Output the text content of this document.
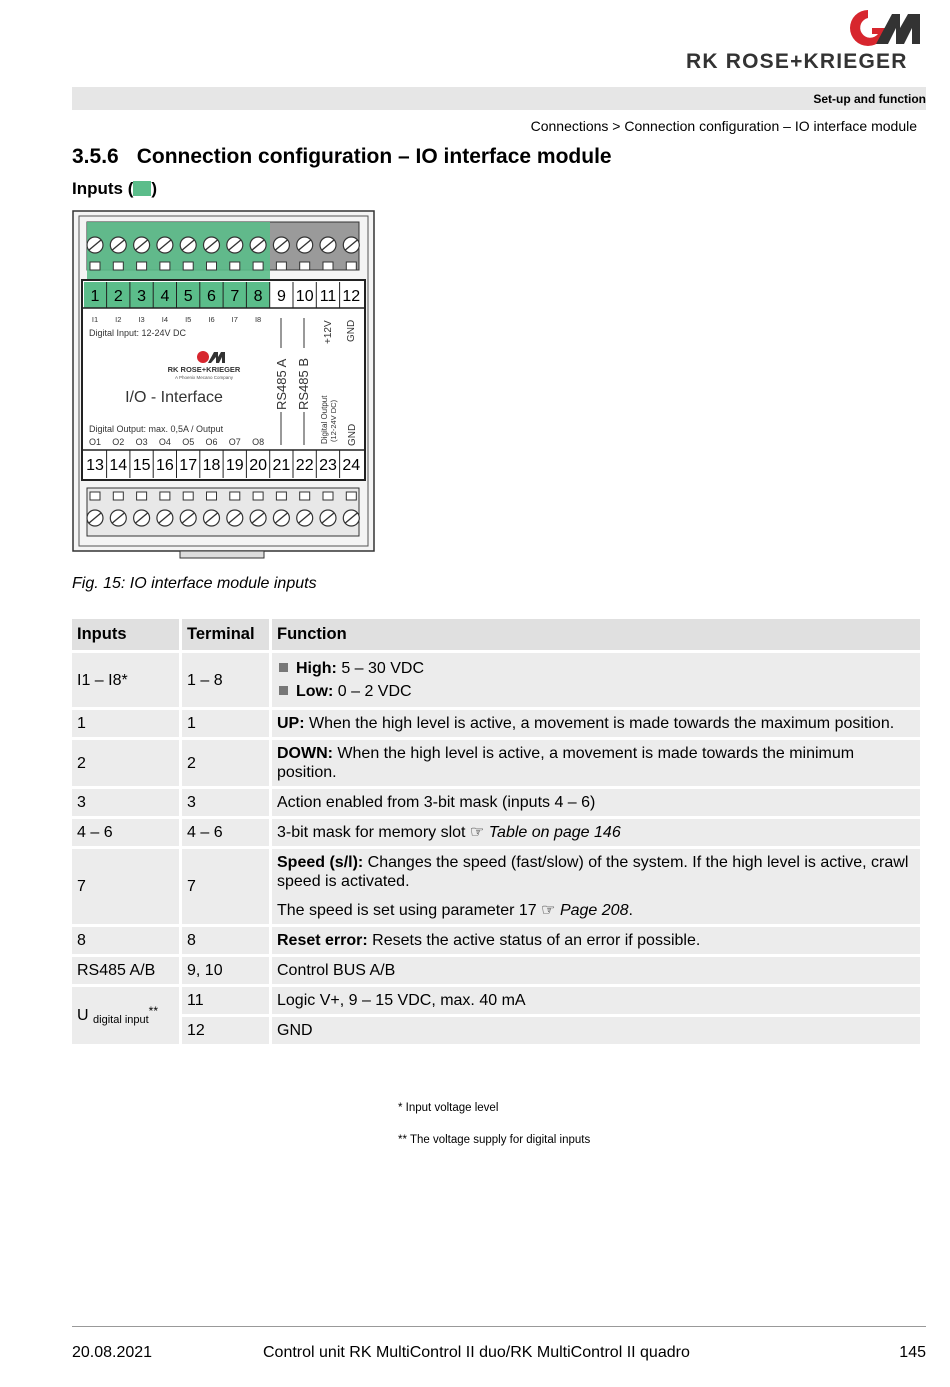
RK ROSE+KRIEGER
Set-up and function
Connections > Connection configuration – IO interface module
3.5.6 Connection configuration – IO interface module
Inputs ( )
1 2 3 4 5 6 7 8 9 10 11 12
13 14 15 16 17 18 19 20 21 22 23 24
I1 I2 I3 I4 I5 I6 I7 I8
O1 O2 O3 O4 O5 O6 O7 O8
Digital Input: 12-24V DC
RK ROSE+KRIEGER
A Phoenix Mecano Company
I/O - Interface	RS485 A RS485 B
+12V GND
Digital Output (12-24V DC) GND
Digital Output: max. 0,5A / Output
Fig. 15: IO interface module inputs
Inputs	Terminal	Function
I1 – I8*	1 – 8	High: 5 – 30 VDC
Low: 0 – 2 VDC

1	1	UP: When the high level is active, a movement is made towards the maximum position.
2	2	DOWN: When the high level is active, a movement is made towards the minimum position.
3	3	Action enabled from 3-bit mask (inputs 4 – 6)
4 – 6	4 – 6	3-bit mask for memory slot ☞ Table on page 146
7	7	Speed (s/l): Changes the speed (fast/slow) of the system. If the high level is active, crawl speed is activated.
The speed is set using parameter 17 ☞ Page 208.

8	8	Reset error: Resets the active status of an error if possible.
RS485 A/B	9, 10	Control BUS A/B
U $_{digital input}$**	11	Logic V+, 9 – 15 VDC, max. 40 mA
	12	GND
* Input voltage level
** The voltage supply for digital inputs
20.08.2021	Control unit RK MultiControl II duo/RK MultiControl II quadro	145
